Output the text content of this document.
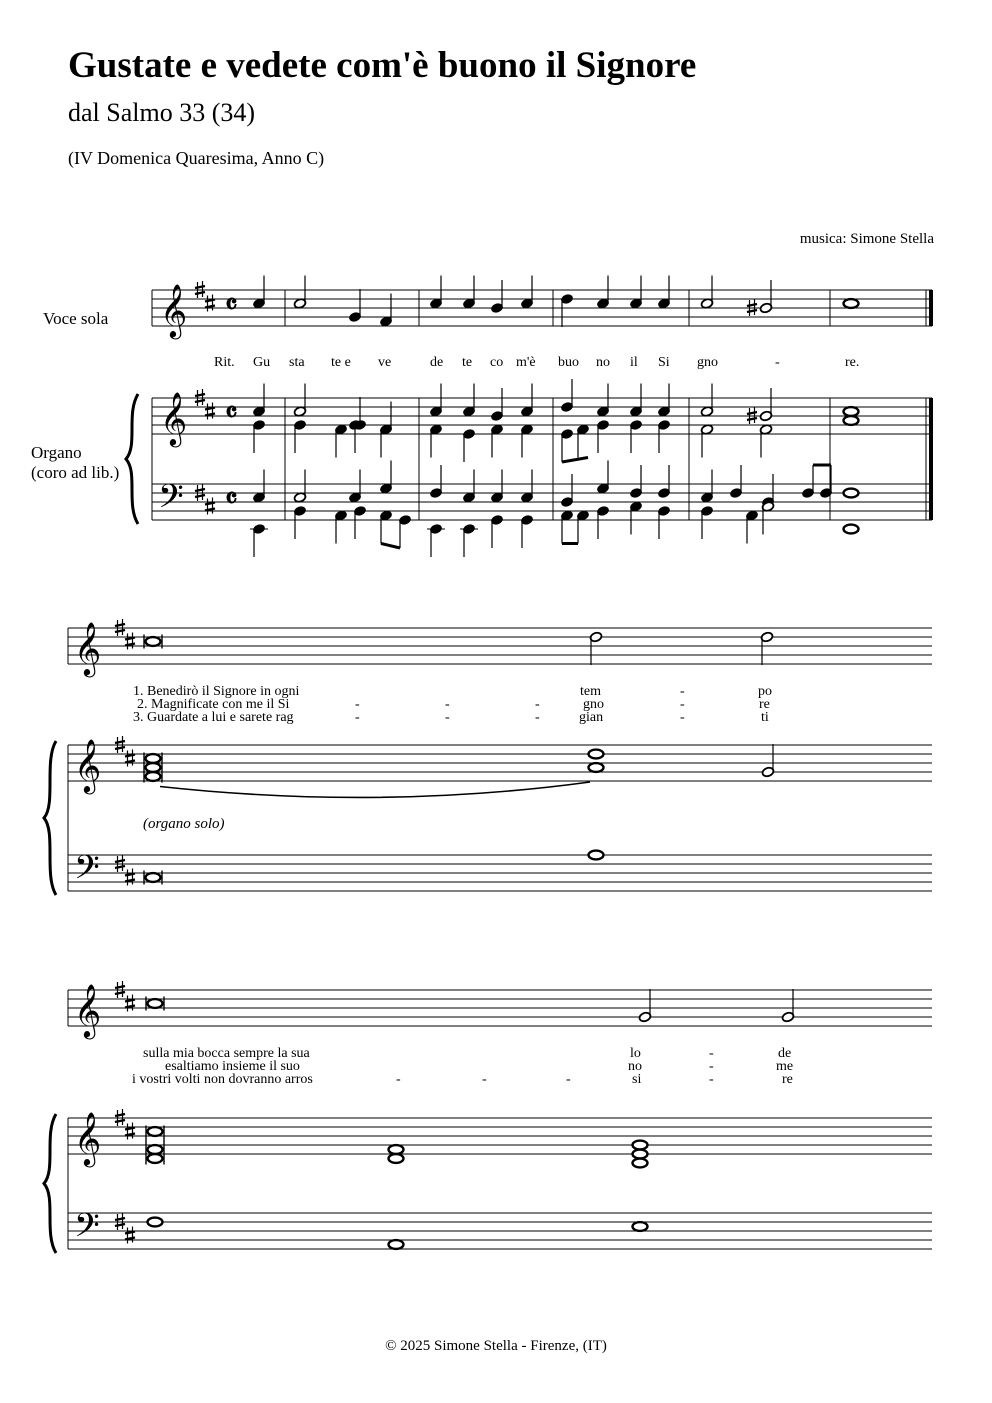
Gustate e vedete com'è buono il Signore
dal Salmo 33 (34)
(IV Domenica Quaresima, Anno C)
musica: Simone Stella
𝄞 𝄴
𝄞 𝄴
𝄢 𝄴
𝄞
𝄞
𝄢
𝄞
𝄞
𝄢
Voce sola
Organo
(coro ad lib.)
(organo solo)
Rit. Gu sta te e ve	de te co m'è buo no il Si gno	-	re.
1. Benedirò il Signore in ogni	tem	-	po
2. Magnificate con me il Si	-	-	-	gno	-	re
3. Guardate a lui e sarete rag	-	-	-	gian	-	ti
sulla mia bocca sempre la sua	lo	-	de
esaltiamo insieme il suo	no	-	me
i vostri volti non dovranno arros	-	-	-	si	-	re
© 2025 Simone Stella - Firenze, (IT)
